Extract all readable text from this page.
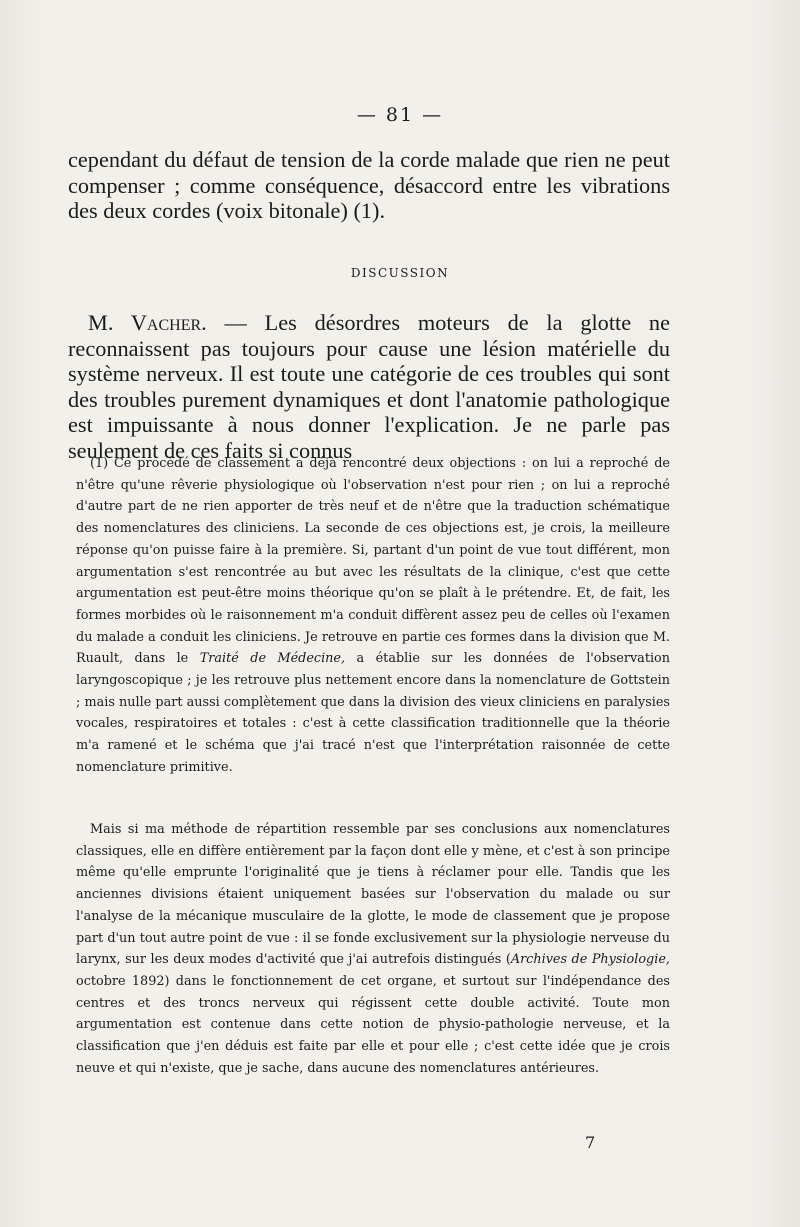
— 81 —

cependant du défaut de tension de la corde malade que rien ne peut compenser ; comme conséquence, désaccord entre les vibrations des deux cordes (voix bitonale) (1).

DISCUSSION

M. Vacher. — Les désordres moteurs de la glotte ne reconnaissent pas toujours pour cause une lésion matérielle du système nerveux. Il est toute une catégorie de ces troubles qui sont des troubles purement dynamiques et dont l'anatomie pathologique est impuissante à nous donner l'explication. Je ne parle pas seulement de ces faits si connus

(1) Ce procédé de classement a déjà rencontré deux objections : on lui a reproché de n'être qu'une rêverie physiologique où l'observation n'est pour rien ; on lui a reproché d'autre part de ne rien apporter de très neuf et de n'être que la traduction schématique des nomenclatures des cliniciens. La seconde de ces objections est, je crois, la meilleure réponse qu'on puisse faire à la première. Si, partant d'un point de vue tout différent, mon argumentation s'est rencontrée au but avec les résultats de la clinique, c'est que cette argumentation est peut-être moins théorique qu'on se plaît à le prétendre. Et, de fait, les formes morbides où le raisonnement m'a conduit diffèrent assez peu de celles où l'examen du malade a conduit les cliniciens. Je retrouve en partie ces formes dans la division que M. Ruault, dans le Traité de Médecine, a établie sur les données de l'observation laryngoscopique ; je les retrouve plus nettement encore dans la nomenclature de Gottstein ; mais nulle part aussi complètement que dans la division des vieux cliniciens en paralysies vocales, respiratoires et totales : c'est à cette classification traditionnelle que la théorie m'a ramené et le schéma que j'ai tracé n'est que l'interprétation raisonnée de cette nomenclature primitive.

Mais si ma méthode de répartition ressemble par ses conclusions aux nomenclatures classiques, elle en diffère entièrement par la façon dont elle y mène, et c'est à son principe même qu'elle emprunte l'originalité que je tiens à réclamer pour elle. Tandis que les anciennes divisions étaient uniquement basées sur l'observation du malade ou sur l'analyse de la mécanique musculaire de la glotte, le mode de classement que je propose part d'un tout autre point de vue : il se fonde exclusivement sur la physiologie nerveuse du larynx, sur les deux modes d'activité que j'ai autrefois distingués (Archives de Physiologie, octobre 1892) dans le fonctionnement de cet organe, et surtout sur l'indépendance des centres et des troncs nerveux qui régissent cette double activité. Toute mon argumentation est contenue dans cette notion de physio-pathologie nerveuse, et la classification que j'en déduis est faite par elle et pour elle ; c'est cette idée que je crois neuve et qui n'existe, que je sache, dans aucune des nomenclatures antérieures.

7
